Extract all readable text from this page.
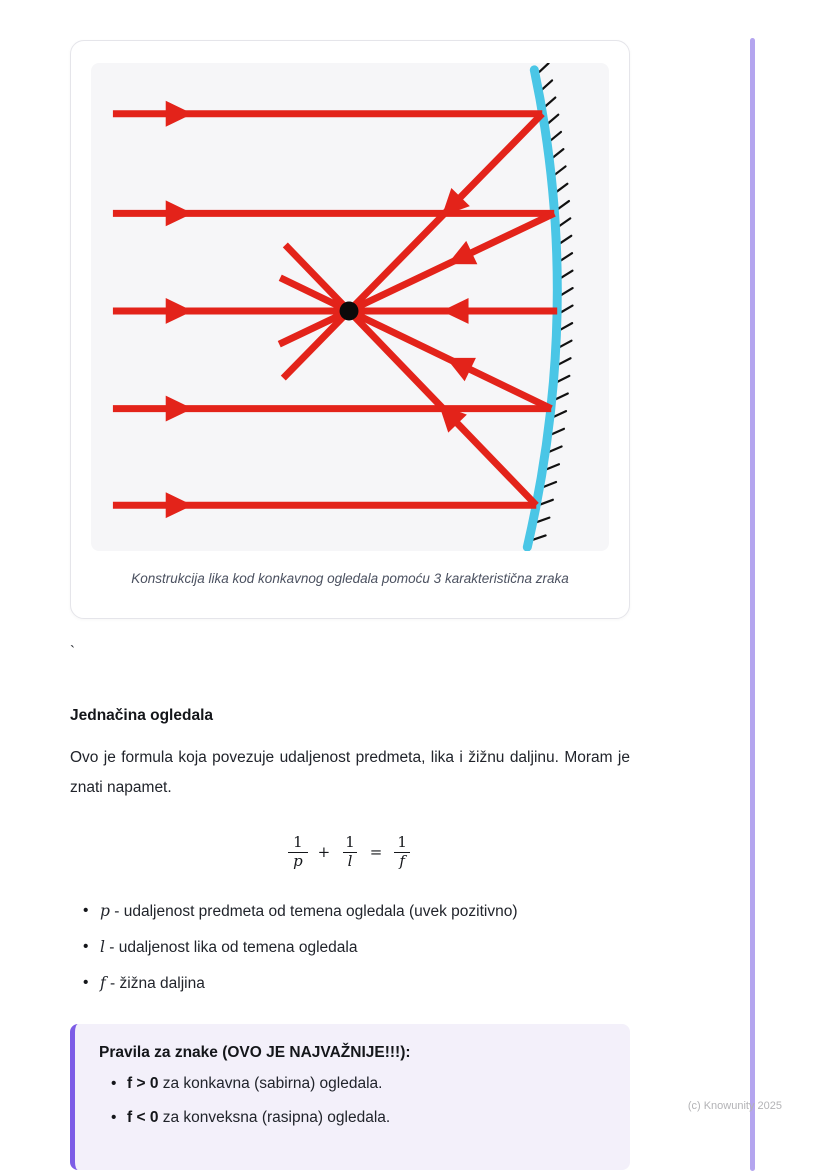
Konstrukcija lika kod konkavnog ogledala pomoću 3 karakteristična zraka
`
Jednačina ogledala

Ovo je formula koja povezuje udaljenost predmeta, lika i žižnu daljinu. Moram je znati napamet.

$\frac{1}{p} + \frac{1}{l} = \frac{1}{f}$
• p - udaljenost predmeta od temena ogledala (uvek pozitivno)
• l - udaljenost lika od temena ogledala
• f - žižna daljina
Pravila za znake (OVO JE NAJVAŽNIJE!!!):
• f > 0 za konkavna (sabirna) ogledala.
• f < 0 za konveksna (rasipna) ogledala.
(c) Knowunity 2025
